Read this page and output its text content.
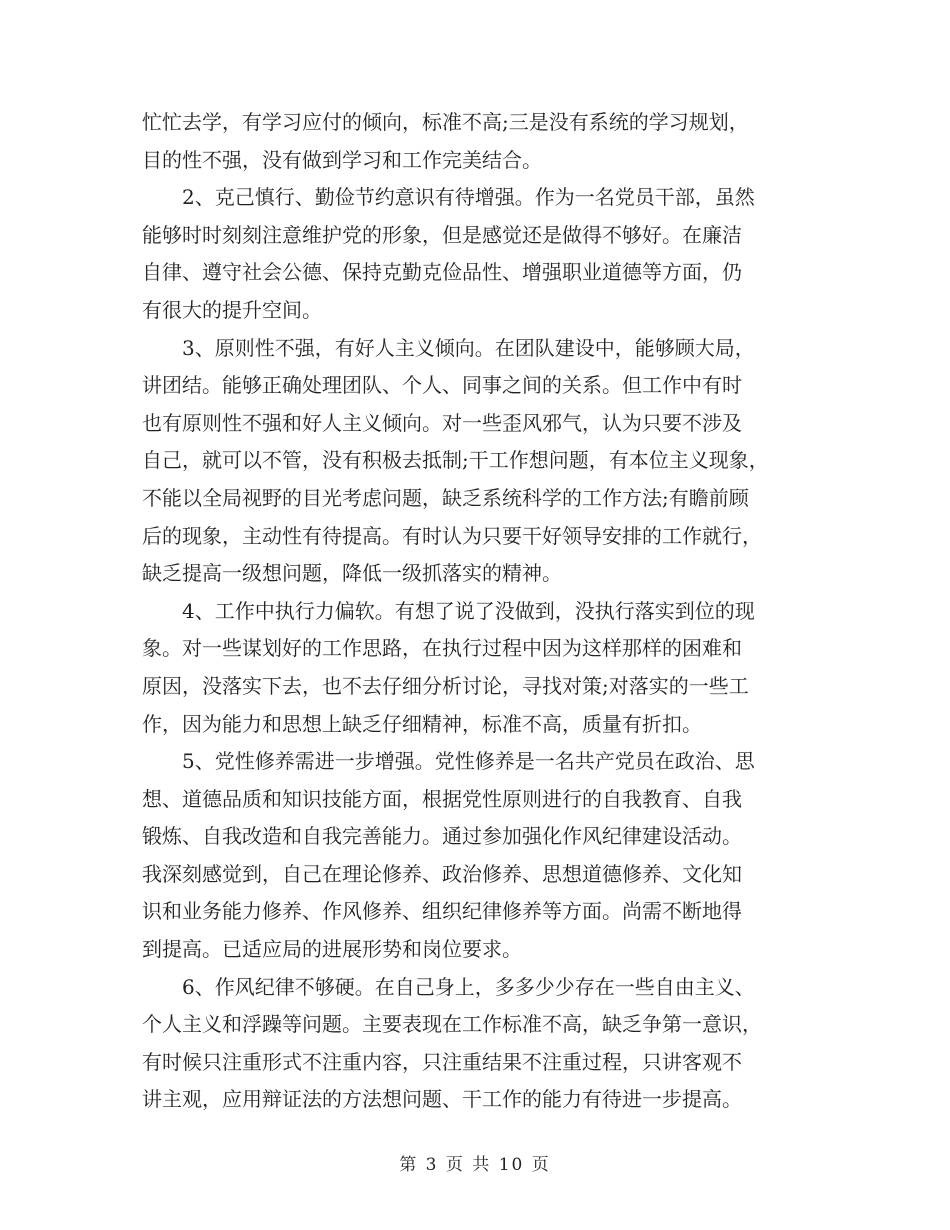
忙忙去学，有学习应付的倾向，标准不高;三是没有系统的学习规划，
目的性不强，没有做到学习和工作完美结合。
2、克己慎行、勤俭节约意识有待增强。作为一名党员干部，虽然
能够时时刻刻注意维护党的形象，但是感觉还是做得不够好。在廉洁
自律、遵守社会公德、保持克勤克俭品性、增强职业道德等方面，仍
有很大的提升空间。
3、原则性不强，有好人主义倾向。在团队建设中，能够顾大局，
讲团结。能够正确处理团队、个人、同事之间的关系。但工作中有时
也有原则性不强和好人主义倾向。对一些歪风邪气，认为只要不涉及
自己，就可以不管，没有积极去抵制;干工作想问题，有本位主义现象，
不能以全局视野的目光考虑问题，缺乏系统科学的工作方法;有瞻前顾
后的现象，主动性有待提高。有时认为只要干好领导安排的工作就行，
缺乏提高一级想问题，降低一级抓落实的精神。
4、工作中执行力偏软。有想了说了没做到，没执行落实到位的现
象。对一些谋划好的工作思路，在执行过程中因为这样那样的困难和
原因，没落实下去，也不去仔细分析讨论，寻找对策;对落实的一些工
作，因为能力和思想上缺乏仔细精神，标准不高，质量有折扣。
5、党性修养需进一步增强。党性修养是一名共产党员在政治、思
想、道德品质和知识技能方面，根据党性原则进行的自我教育、自我
锻炼、自我改造和自我完善能力。通过参加强化作风纪律建设活动。
我深刻感觉到，自己在理论修养、政治修养、思想道德修养、文化知
识和业务能力修养、作风修养、组织纪律修养等方面。尚需不断地得
到提高。已适应局的进展形势和岗位要求。
6、作风纪律不够硬。在自己身上，多多少少存在一些自由主义、
个人主义和浮躁等问题。主要表现在工作标准不高，缺乏争第一意识，
有时候只注重形式不注重内容，只注重结果不注重过程，只讲客观不
讲主观，应用辩证法的方法想问题、干工作的能力有待进一步提高。
第 3 页 共 10 页
